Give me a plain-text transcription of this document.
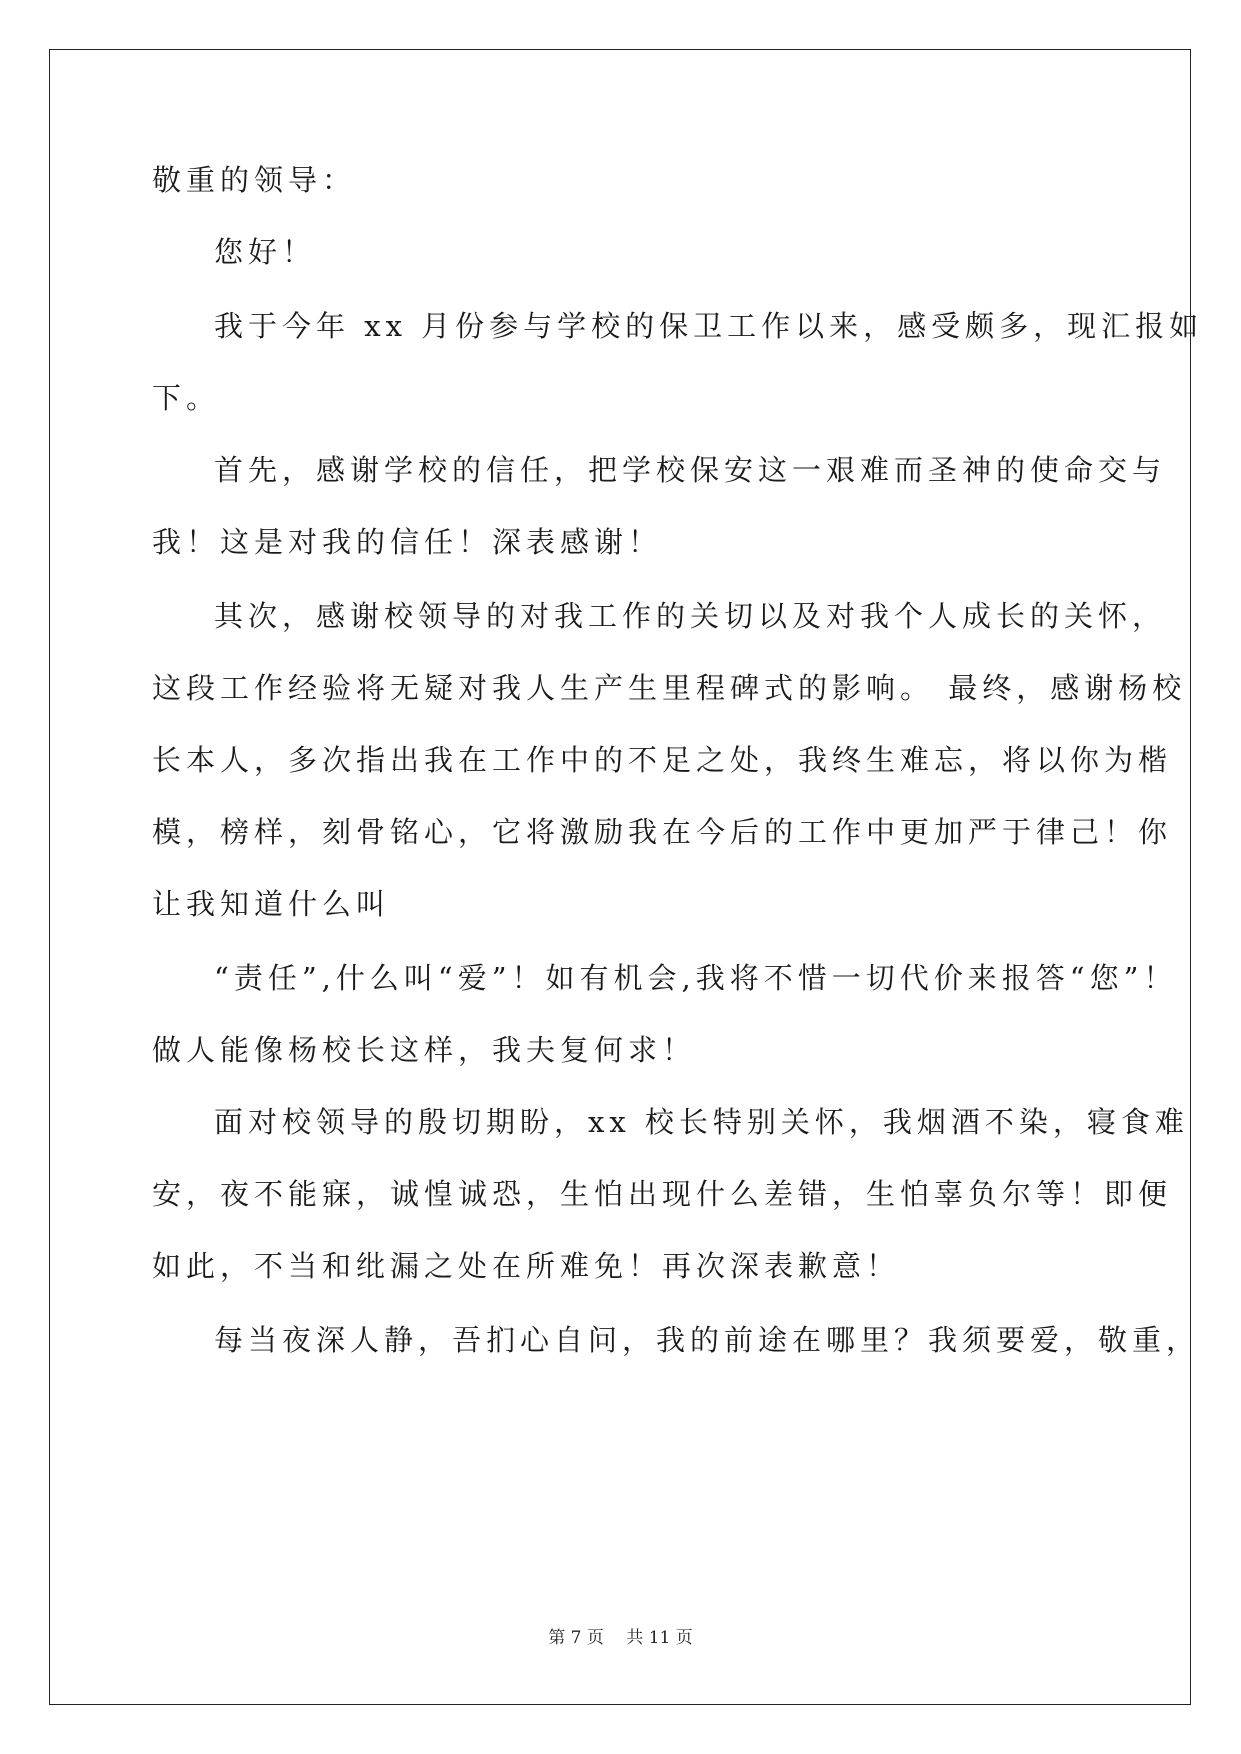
敬重的领导：
您好！
我于今年 xx 月份参与学校的保卫工作以来，感受颇多，现汇报如
下。
首先，感谢学校的信任，把学校保安这一艰难而圣神的使命交与
我！这是对我的信任！深表感谢！
其次，感谢校领导的对我工作的关切以及对我个人成长的关怀，
这段工作经验将无疑对我人生产生里程碑式的影响。 最终，感谢杨校
长本人，多次指出我在工作中的不足之处，我终生难忘，将以你为楷
模，榜样，刻骨铭心，它将激励我在今后的工作中更加严于律己！你
让我知道什么叫
“责任”,什么叫“爱”！如有机会,我将不惜一切代价来报答“您”！
做人能像杨校长这样，我夫复何求！
面对校领导的殷切期盼，xx 校长特别关怀，我烟酒不染，寝食难
安，夜不能寐，诚惶诚恐，生怕出现什么差错，生怕辜负尔等！即便
如此，不当和纰漏之处在所难免！再次深表歉意！
每当夜深人静，吾扪心自问，我的前途在哪里？我须要爱，敬重，
第 7 页　 共 11 页
